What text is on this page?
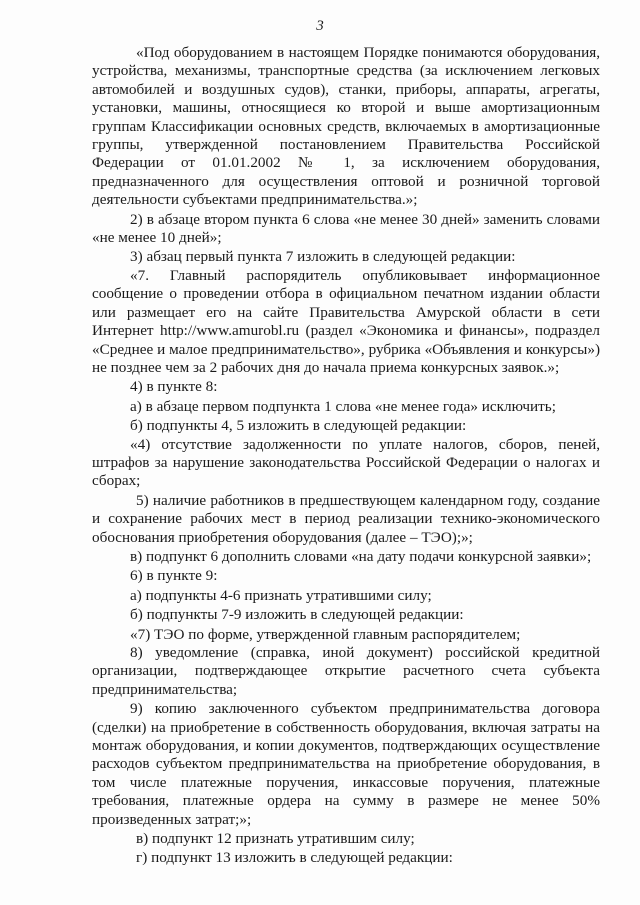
3

«Под оборудованием в настоящем Порядке понимаются оборудования, устройства, механизмы, транспортные средства (за исключением легковых автомобилей и воздушных судов), станки, приборы, аппараты, агрегаты, установки, машины, относящиеся ко второй и выше амортизационным группам Классификации основных средств, включаемых в амортизационные группы, утвержденной постановлением Правительства Российской Федерации от 01.01.2002 № 1, за исключением оборудования, предназначенного для осуществления оптовой и розничной торговой деятельности субъектами предпринимательства.»;

2) в абзаце втором пункта 6 слова «не менее 30 дней» заменить словами «не менее 10 дней»;

3) абзац первый пункта 7 изложить в следующей редакции:

«7. Главный распорядитель опубликовывает информационное сообщение о проведении отбора в официальном печатном издании области или размещает его на сайте Правительства Амурской области в сети Интернет http://www.amurobl.ru (раздел «Экономика и финансы», подраздел «Среднее и малое предпринимательство», рубрика «Объявления и конкурсы») не позднее чем за 2 рабочих дня до начала приема конкурсных заявок.»;

4) в пункте 8:

а) в абзаце первом подпункта 1 слова «не менее года» исключить;

б) подпункты 4, 5 изложить в следующей редакции:

«4) отсутствие задолженности по уплате налогов, сборов, пеней, штрафов за нарушение законодательства Российской Федерации о налогах и сборах;

5) наличие работников в предшествующем календарном году, создание и сохранение рабочих мест в период реализации технико-экономического обоснования приобретения оборудования (далее – ТЭО);»;

в) подпункт 6 дополнить словами «на дату подачи конкурсной заявки»;

6) в пункте 9:

а) подпункты 4-6 признать утратившими силу;

б) подпункты 7-9 изложить в следующей редакции:

«7) ТЭО по форме, утвержденной главным распорядителем;

8) уведомление (справка, иной документ) российской кредитной организации, подтверждающее открытие расчетного счета субъекта предпринимательства;

9) копию заключенного субъектом предпринимательства договора (сделки) на приобретение в собственность оборудования, включая затраты на монтаж оборудования, и копии документов, подтверждающих осуществление расходов субъектом предпринимательства на приобретение оборудования, в том числе платежные поручения, инкассовые поручения, платежные требования, платежные ордера на сумму в размере не менее 50% произведенных затрат;»;

в) подпункт 12 признать утратившим силу;

г) подпункт 13 изложить в следующей редакции:
